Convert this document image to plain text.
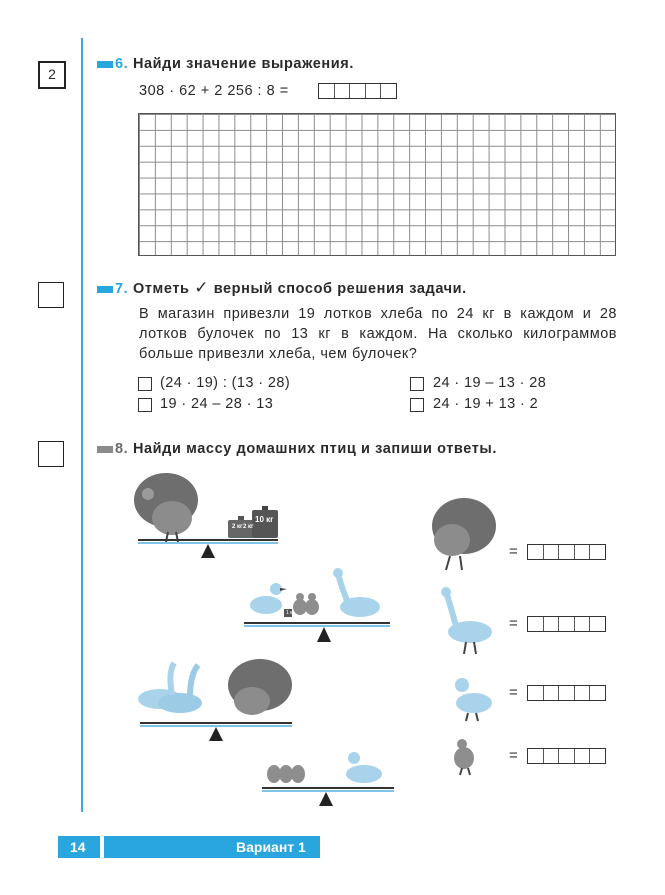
2
6. Найди значение выражения.
308 · 62 + 2 256 : 8 =
7. Отметь ✓ верный способ решения задачи.
В магазин привезли 19 лотков хлеба по 24 кг в каждом и 28 лотков булочек по 13 кг в каждом. На сколько килограммов больше привезли хлеба, чем булочек?
(24 · 19) : (13 · 28)
19 · 24 – 28 · 13
24 · 19 – 13 · 28
24 · 19 + 13 · 2
8. Найди массу домашних птиц и запиши ответы.
2 кг 2 кг
10 кг
1 кг
=
=
=
=
14	Вариант 1
